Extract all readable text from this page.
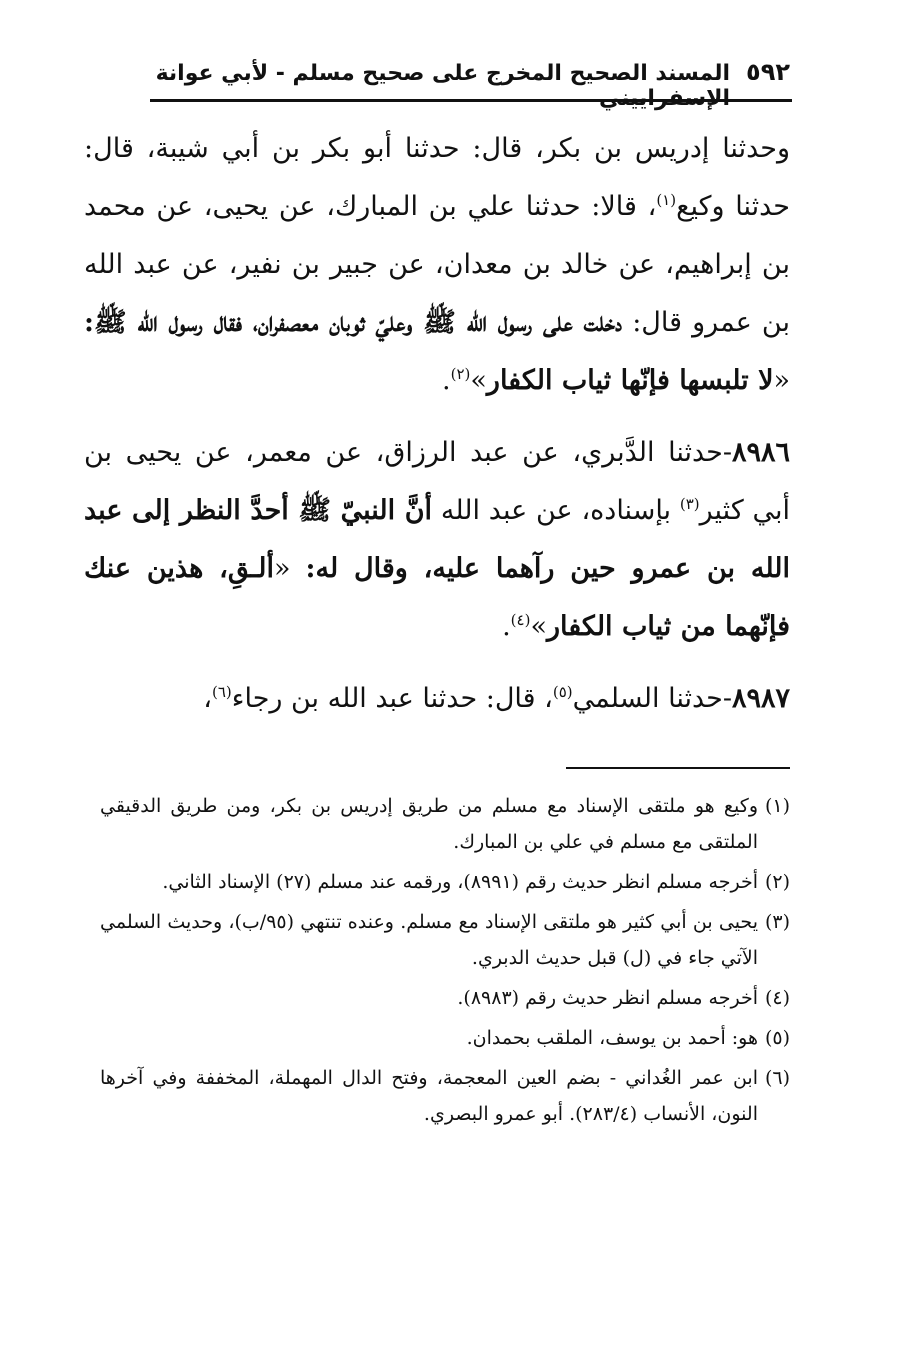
٥٩٢
المسند الصحيح المخرج على صحيح مسلم - لأبي عوانة الإسفراييني

وحدثنا إدريس بن بكر، قال: حدثنا أبو بكر بن أبي شيبة، قال: حدثنا وكيع$^{(١)}$، قالا: حدثنا علي بن المبارك، عن يحيى، عن محمد بن إبراهيم، عن خالد بن معدان، عن جبير بن نفير، عن عبد الله بن عمرو قال: دخلت على رسول الله ﷺ وعليّ ثوبان معصفران، فقال رسول الله ﷺ: «لا تلبسها فإنّها ثياب الكفار»$^{(٢)}$.

٨٩٨٦-حدثنا الدَّبري، عن عبد الرزاق، عن معمر، عن يحيى بن أبي كثير$^{(٣)}$ بإسناده، عن عبد الله أنَّ النبيّ ﷺ أحدَّ النظر إلى عبد الله بن عمرو حين رآهما عليه، وقال له: «ألـقِ، هذين عنك فإنّهما من ثياب الكفار»$^{(٤)}$.

٨٩٨٧-حدثنا السلمي$^{(٥)}$، قال: حدثنا عبد الله بن رجاء$^{(٦)}$،

(١)وكيع هو ملتقى الإسناد مع مسلم من طريق إدريس بن بكر، ومن طريق الدقيقي الملتقى مع مسلم في علي بن المبارك.

(٢)أخرجه مسلم انظر حديث رقم (٨٩٩١)، ورقمه عند مسلم (٢٧) الإسناد الثاني.

(٣)يحيى بن أبي كثير هو ملتقى الإسناد مع مسلم. وعنده تنتهي (٩٥/ب)، وحديث السلمي الآتي جاء في (ل) قبل حديث الدبري.

(٤)أخرجه مسلم انظر حديث رقم (٨٩٨٣).

(٥)هو: أحمد بن يوسف، الملقب بحمدان.

(٦)ابن عمر الغُداني - بضم العين المعجمة، وفتح الدال المهملة، المخففة وفي آخرها النون، الأنساب (٢٨٣/٤). أبو عمرو البصري.
